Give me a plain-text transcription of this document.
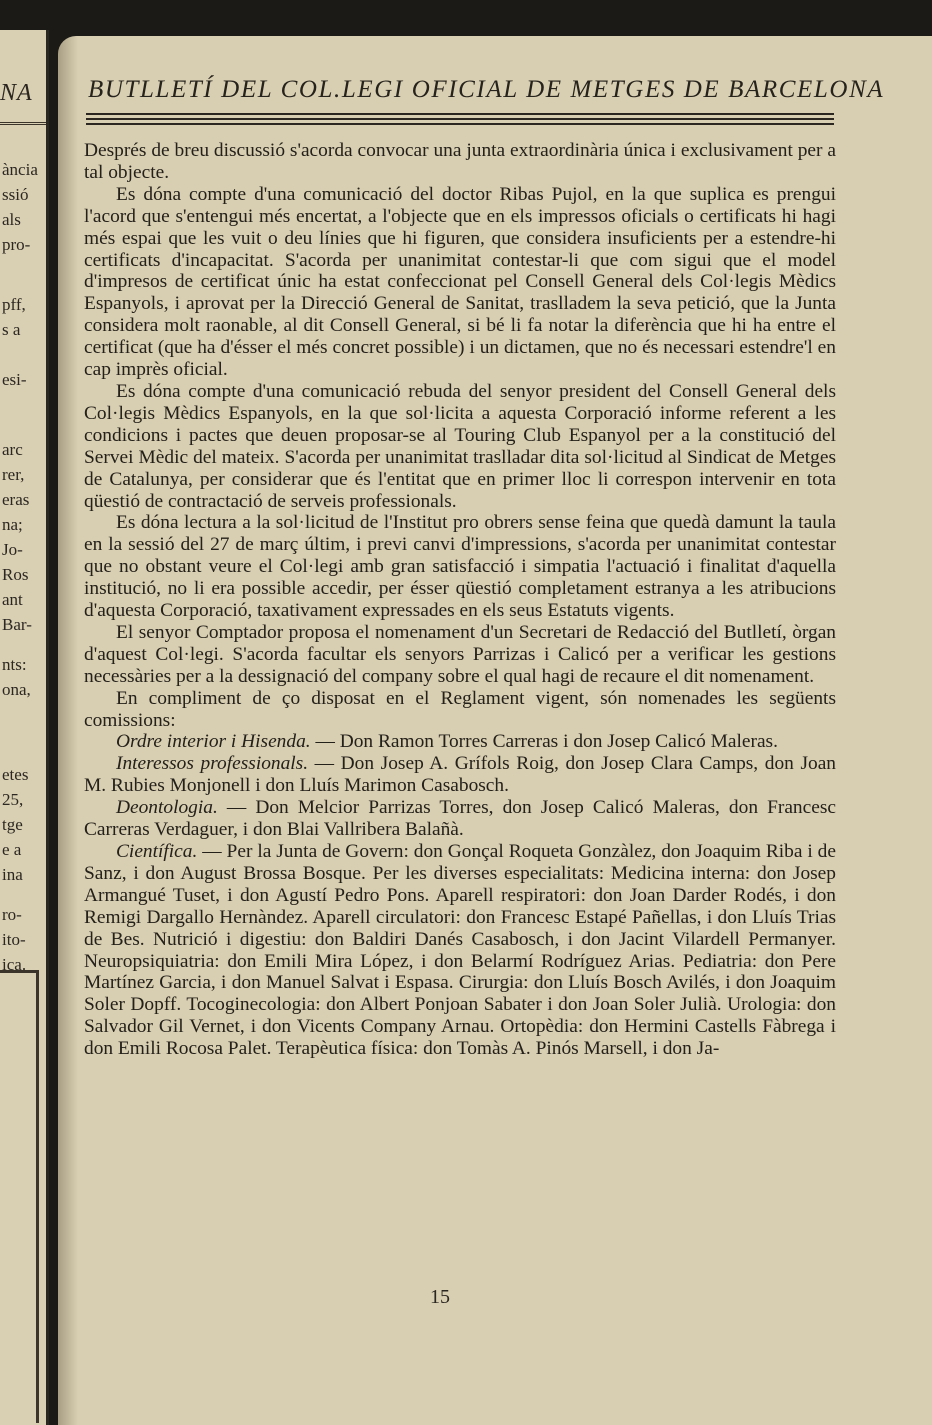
NA
ància
ssió
als
pro-
pff,
s a
esi-
arc
rer,
eras
na;
Jo-
Ros
ant
Bar-
nts:
ona,
etes
25,
tge
e a
ina
ro-
ito-
ica.
BUTLLETÍ DEL COL.LEGI OFICIAL DE METGES DE BARCELONA

Després de breu discussió s'acorda convocar una junta extraordinària única i exclusivament per a tal objecte.

Es dóna compte d'una comunicació del doctor Ribas Pujol, en la que suplica es prengui l'acord que s'entengui més encertat, a l'objecte que en els impressos oficials o certificats hi hagi més espai que les vuit o deu línies que hi figuren, que considera insuficients per a estendre-hi certificats d'incapacitat. S'acorda per unanimitat contestar-li que com sigui que el model d'impresos de certificat únic ha estat confeccionat pel Consell General dels Col·legis Mèdics Espanyols, i aprovat per la Direcció General de Sanitat, traslladem la seva petició, que la Junta considera molt raonable, al dit Consell General, si bé li fa notar la diferència que hi ha entre el certificat (que ha d'ésser el més concret possible) i un dictamen, que no és necessari estendre'l en cap imprès oficial.

Es dóna compte d'una comunicació rebuda del senyor president del Consell General dels Col·legis Mèdics Espanyols, en la que sol·licita a aquesta Corporació informe referent a les condicions i pactes que deuen proposar-se al Touring Club Espanyol per a la constitució del Servei Mèdic del mateix. S'acorda per unanimitat traslladar dita sol·licitud al Sindicat de Metges de Catalunya, per considerar que és l'entitat que en primer lloc li correspon intervenir en tota qüestió de contractació de serveis professionals.

Es dóna lectura a la sol·licitud de l'Institut pro obrers sense feina que quedà damunt la taula en la sessió del 27 de març últim, i previ canvi d'impressions, s'acorda per unanimitat contestar que no obstant veure el Col·legi amb gran satisfacció i simpatia l'actuació i finalitat d'aquella institució, no li era possible accedir, per ésser qüestió completament estranya a les atribucions d'aquesta Corporació, taxativament expressades en els seus Estatuts vigents.

El senyor Comptador proposa el nomenament d'un Secretari de Redacció del Butlletí, òrgan d'aquest Col·legi. S'acorda facultar els senyors Parrizas i Calicó per a verificar les gestions necessàries per a la dessignació del company sobre el qual hagi de recaure el dit nomenament.

En compliment de ço disposat en el Reglament vigent, són nomenades les següents comissions:

Ordre interior i Hisenda. — Don Ramon Torres Carreras i don Josep Calicó Maleras.

Interessos professionals. — Don Josep A. Grífols Roig, don Josep Clara Camps, don Joan M. Rubies Monjonell i don Lluís Marimon Casabosch.

Deontologia. — Don Melcior Parrizas Torres, don Josep Calicó Maleras, don Francesc Carreras Verdaguer, i don Blai Vallribera Balañà.

Científica. — Per la Junta de Govern: don Gonçal Roqueta Gonzàlez, don Joaquim Riba i de Sanz, i don August Brossa Bosque. Per les diverses especialitats: Medicina interna: don Josep Armangué Tuset, i don Agustí Pedro Pons. Aparell respiratori: don Joan Darder Rodés, i don Remigi Dargallo Hernàndez. Aparell circulatori: don Francesc Estapé Pañellas, i don Lluís Trias de Bes. Nutrició i digestiu: don Baldiri Danés Casabosch, i don Jacint Vilardell Permanyer. Neuropsiquiatria: don Emili Mira López, i don Belarmí Rodríguez Arias. Pediatria: don Pere Martínez Garcia, i don Manuel Salvat i Espasa. Cirurgia: don Lluís Bosch Avilés, i don Joaquim Soler Dopff. Tocoginecologia: don Albert Ponjoan Sabater i don Joan Soler Julià. Urologia: don Salvador Gil Vernet, i don Vicents Company Arnau. Ortopèdia: don Hermini Castells Fàbrega i don Emili Rocosa Palet. Terapèutica física: don Tomàs A. Pinós Marsell, i don Ja-

15
